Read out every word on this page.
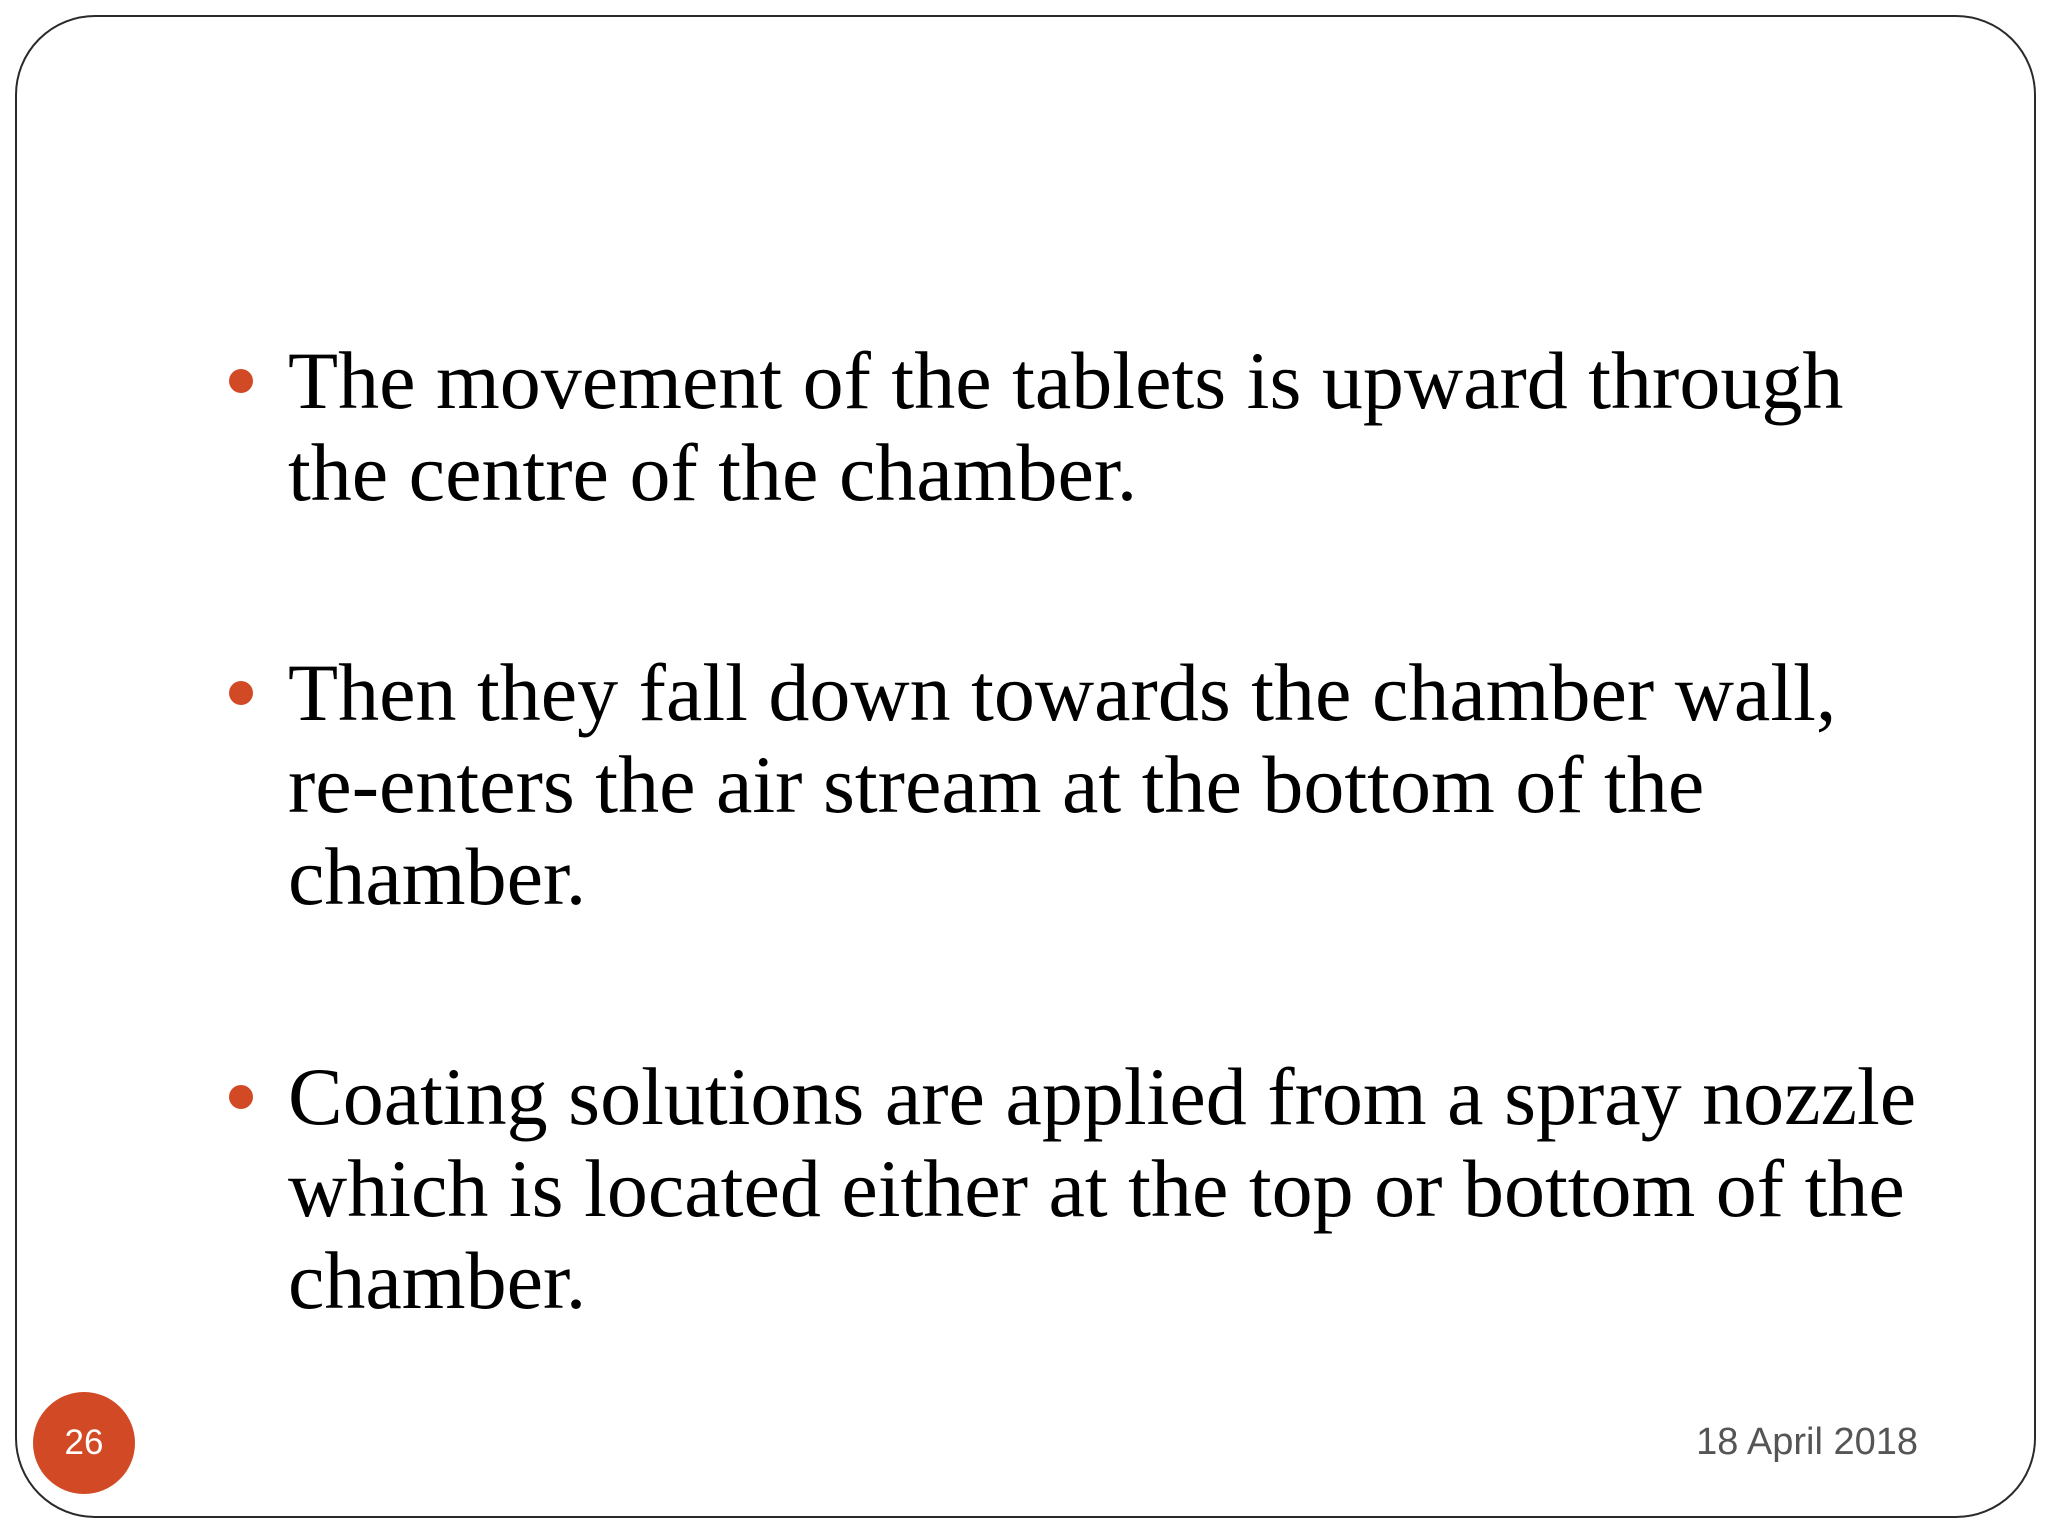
The movement of the tablets is upward through the centre of the chamber.
Then they fall down towards the chamber wall, re-enters the air stream at the bottom of the chamber.
Coating solutions are applied from a spray nozzle which is located either at the top or bottom of the chamber.
26	18 April 2018
